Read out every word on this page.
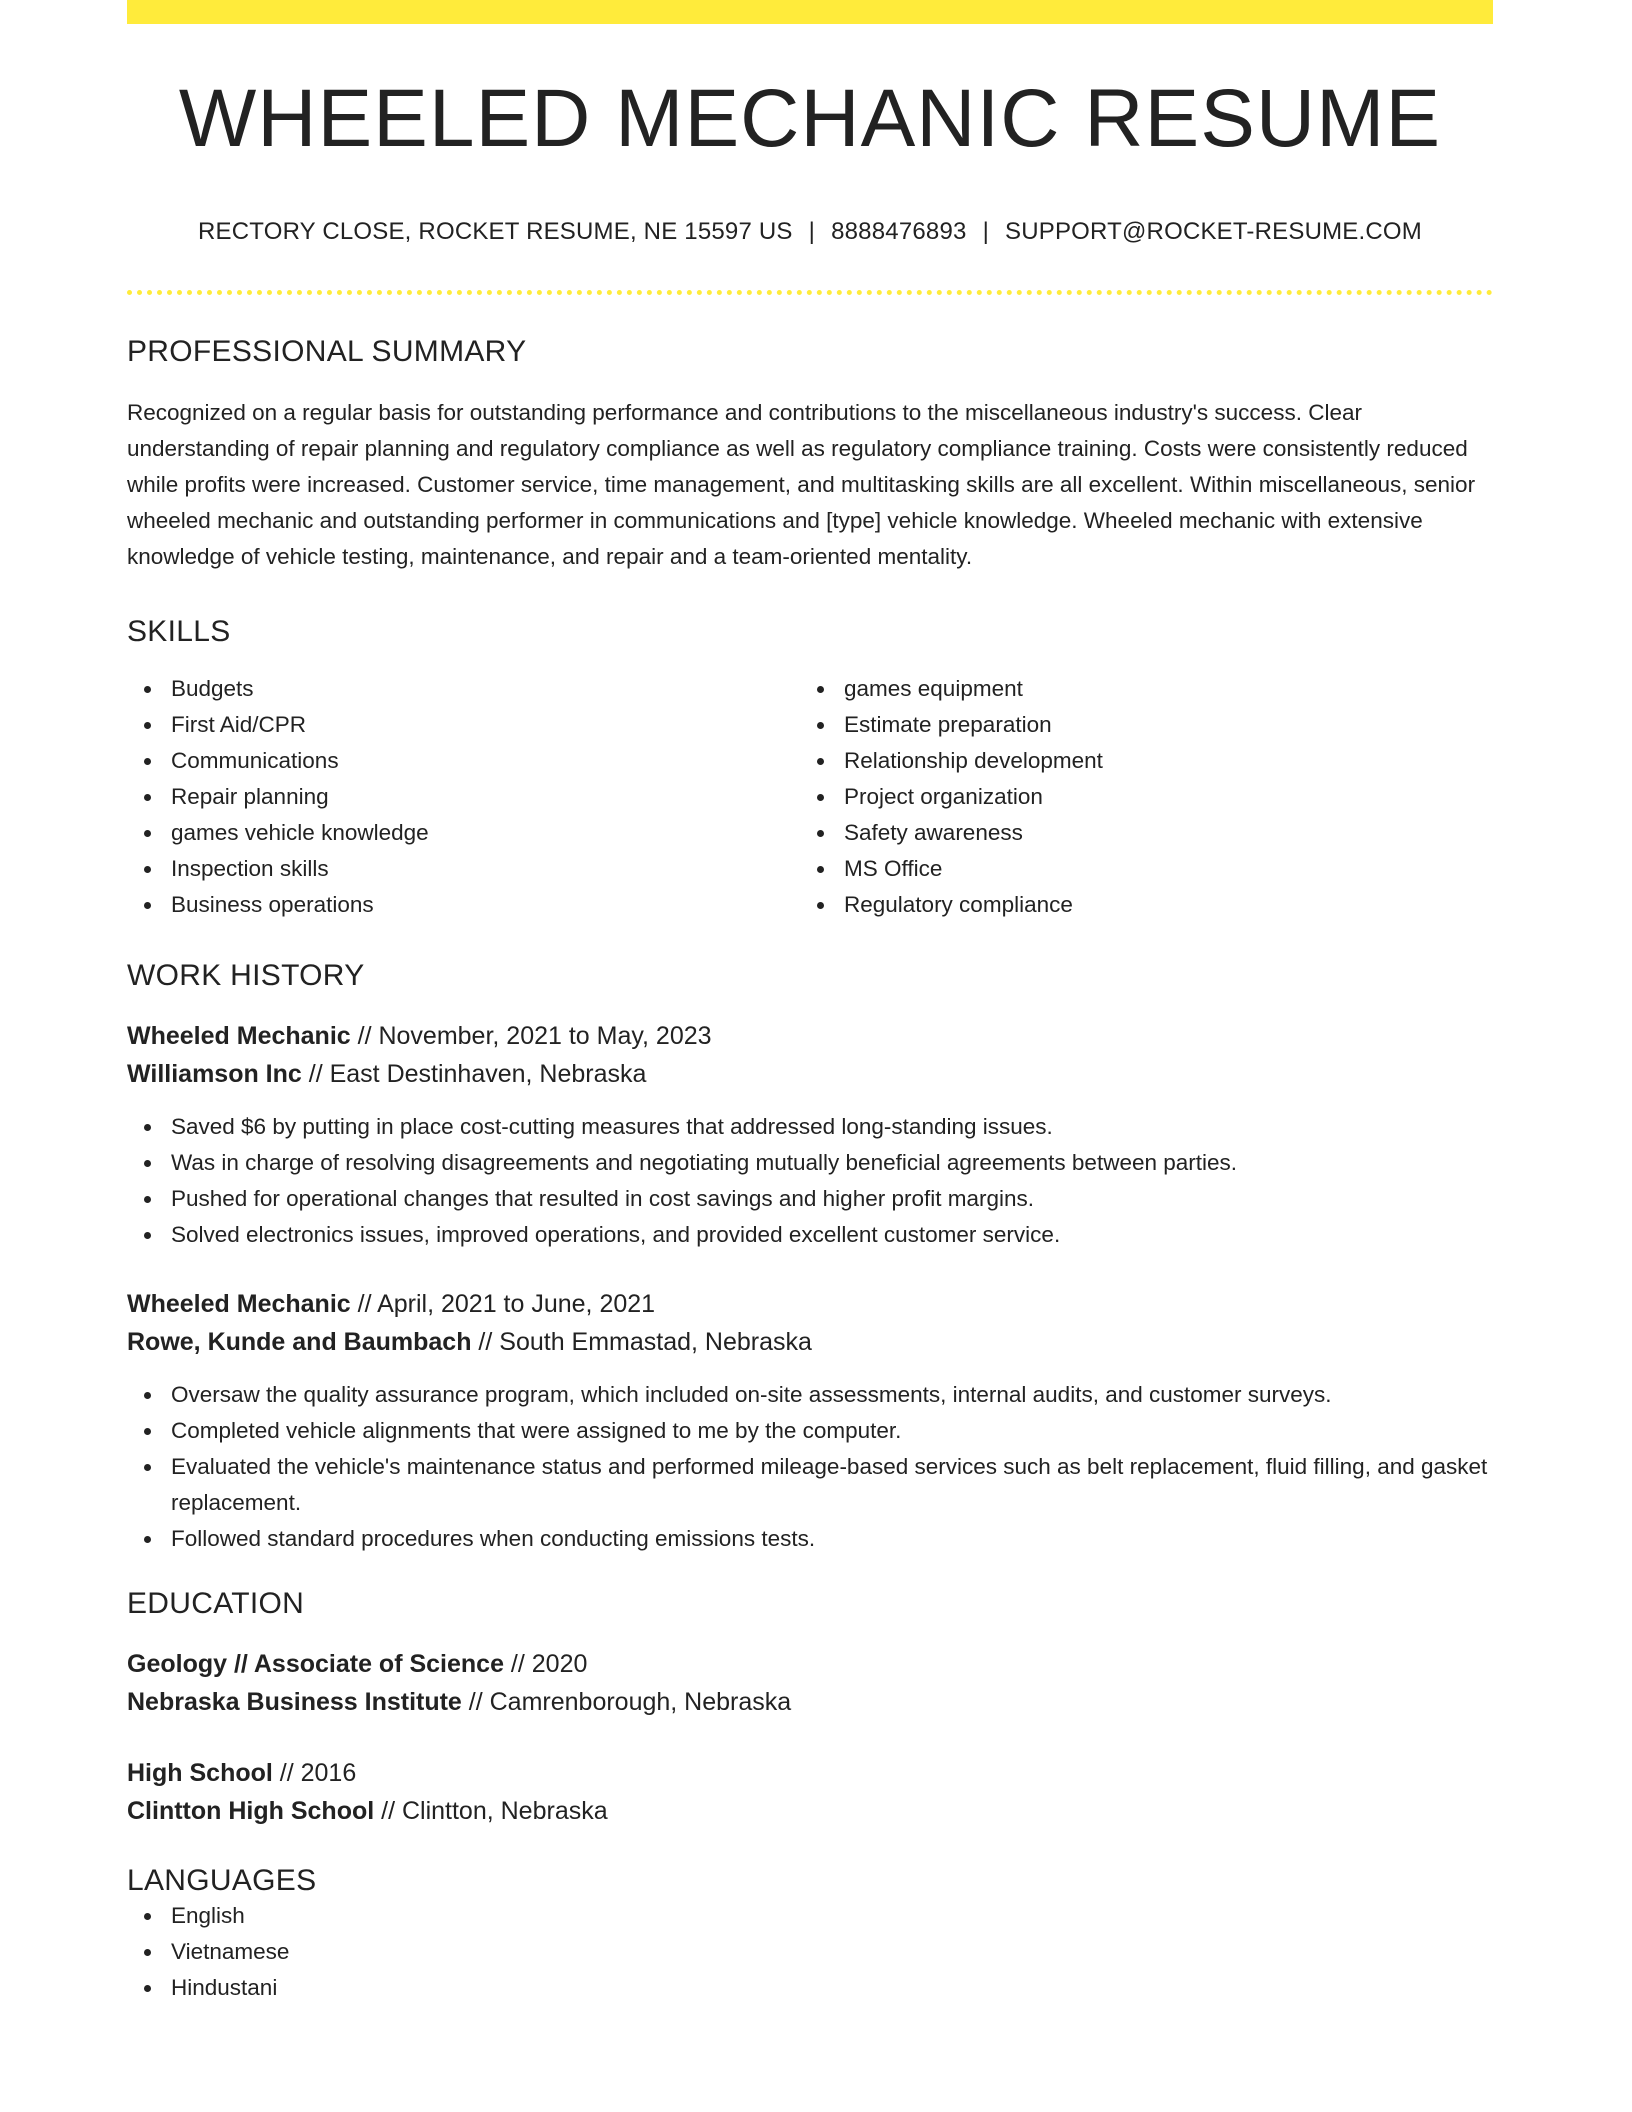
WHEELED MECHANIC RESUME
RECTORY CLOSE, ROCKET RESUME, NE 15597 US | 8888476893 | SUPPORT@ROCKET-RESUME.COM
PROFESSIONAL SUMMARY

Recognized on a regular basis for outstanding performance and contributions to the miscellaneous industry's success. Clear understanding of repair planning and regulatory compliance as well as regulatory compliance training. Costs were consistently reduced while profits were increased. Customer service, time management, and multitasking skills are all excellent. Within miscellaneous, senior wheeled mechanic and outstanding performer in communications and [type] vehicle knowledge. Wheeled mechanic with extensive knowledge of vehicle testing, maintenance, and repair and a team-oriented mentality.

SKILLS
Budgets
First Aid/CPR
Communications
Repair planning
games vehicle knowledge
Inspection skills
Business operations
games equipment
Estimate preparation
Relationship development
Project organization
Safety awareness
MS Office
Regulatory compliance
WORK HISTORY
Wheeled Mechanic // November, 2021 to May, 2023
Williamson Inc // East Destinhaven, Nebraska
Saved $6 by putting in place cost-cutting measures that addressed long-standing issues.
Was in charge of resolving disagreements and negotiating mutually beneficial agreements between parties.
Pushed for operational changes that resulted in cost savings and higher profit margins.
Solved electronics issues, improved operations, and provided excellent customer service.
Wheeled Mechanic // April, 2021 to June, 2021
Rowe, Kunde and Baumbach // South Emmastad, Nebraska
Oversaw the quality assurance program, which included on-site assessments, internal audits, and customer surveys.
Completed vehicle alignments that were assigned to me by the computer.
Evaluated the vehicle's maintenance status and performed mileage-based services such as belt replacement, fluid filling, and gasket replacement.
Followed standard procedures when conducting emissions tests.
EDUCATION
Geology // Associate of Science // 2020
Nebraska Business Institute // Camrenborough, Nebraska
High School // 2016
Clintton High School // Clintton, Nebraska
LANGUAGES
English
Vietnamese
Hindustani
